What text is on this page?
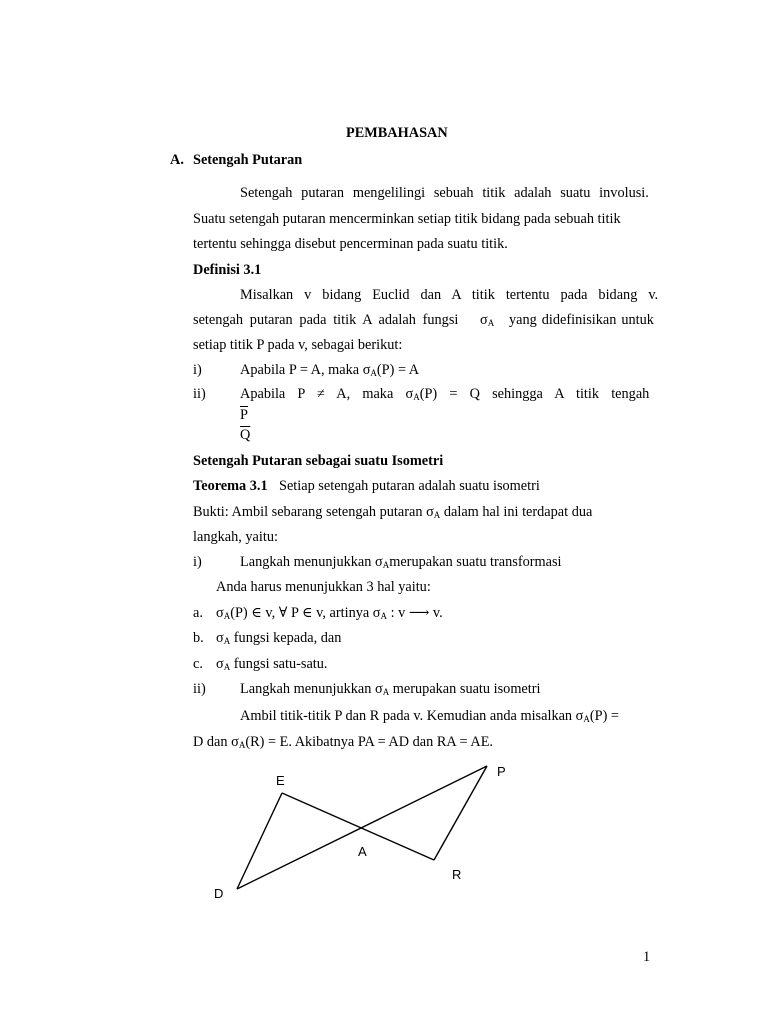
PEMBAHASAN
A. Setengah Putaran
Setengah putaran mengelilingi sebuah titik adalah suatu involusi.
Suatu setengah putaran mencerminkan setiap titik bidang pada sebuah titik
tertentu sehingga disebut pencerminan pada suatu titik.
Definisi 3.1
Misalkan v bidang Euclid dan A titik tertentu pada bidang v.
setengah putaran pada titik A adalah fungsi $\sigma_A$ yang didefinisikan untuk
setiap titik P pada v, sebagai berikut:
i)	Apabila P = A, maka $\sigma_A(P) = A$
ii) Apabila P ≠ A, maka $\sigma_A(P) = Q$ sehingga A titik tengah
$\overline{P}$
$\overline{Q}$
Setengah Putaran sebagai suatu Isometri
Teorema 3.1 Setiap setengah putaran adalah suatu isometri
Bukti: Ambil sebarang setengah putaran $\sigma_A$ dalam hal ini terdapat dua
langkah, yaitu:
i)	Langkah menunjukkan $\sigma_Amerupakan$ suatu transformasi
Anda harus menunjukkan 3 hal yaitu:
a. $\sigma_A(P)$ ∈ v, ∀ P ∈ v, artinya $\sigma_A$ : v ⟶ v.
b. $\sigma_A$ fungsi kepada, dan
c. $\sigma_A$ fungsi satu-satu.
ii) Langkah menunjukkan $\sigma_A$ merupakan suatu isometri
Ambil titik-titik P dan R pada v. Kemudian anda misalkan $\sigma_A(P)$ =
D dan $\sigma_A(R) = E$. Akibatnya PA = AD dan RA = AE.
E
P
A
R
D
1
